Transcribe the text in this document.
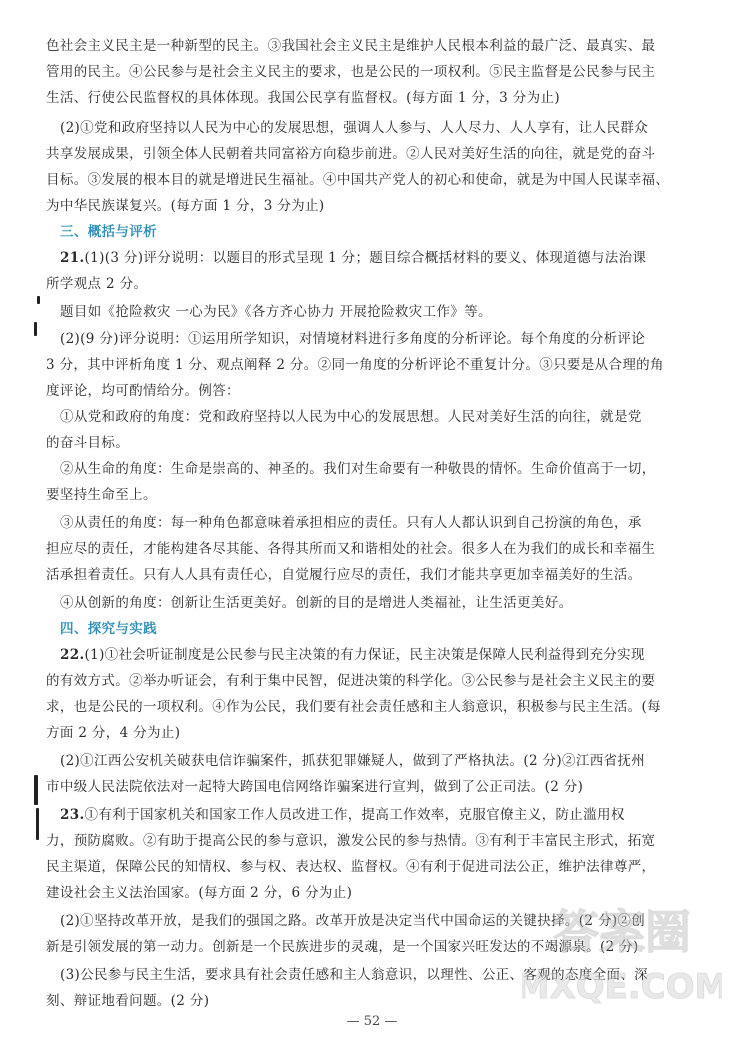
色社会主义民主是一种新型的民主。③我国社会主义民主是维护人民根本利益的最广泛、最真实、最
管用的民主。④公民参与是社会主义民主的要求，也是公民的一项权利。⑤民主监督是公民参与民主
生活、行使公民监督权的具体体现。我国公民享有监督权。(每方面 1 分，3 分为止)
(2)①党和政府坚持以人民为中心的发展思想，强调人人参与、人人尽力、人人享有，让人民群众
共享发展成果，引领全体人民朝着共同富裕方向稳步前进。②人民对美好生活的向往，就是党的奋斗
目标。③发展的根本目的就是增进民生福祉。④中国共产党人的初心和使命，就是为中国人民谋幸福、
为中华民族谋复兴。(每方面 1 分，3 分为止)
三、概括与评析
21.(1)(3 分)评分说明：以题目的形式呈现 1 分；题目综合概括材料的要义、体现道德与法治课
所学观点 2 分。
题目如《抢险救灾 一心为民》《各方齐心协力 开展抢险救灾工作》等。
(2)(9 分)评分说明：①运用所学知识，对情境材料进行多角度的分析评论。每个角度的分析评论
3 分，其中评析角度 1 分、观点阐释 2 分。②同一角度的分析评论不重复计分。③只要是从合理的角
度评论，均可酌情给分。例答：
①从党和政府的角度：党和政府坚持以人民为中心的发展思想。人民对美好生活的向往，就是党
的奋斗目标。
②从生命的角度：生命是崇高的、神圣的。我们对生命要有一种敬畏的情怀。生命价值高于一切，
要坚持生命至上。
③从责任的角度：每一种角色都意味着承担相应的责任。只有人人都认识到自己扮演的角色，承
担应尽的责任，才能构建各尽其能、各得其所而又和谐相处的社会。很多人在为我们的成长和幸福生
活承担着责任。只有人人具有责任心，自觉履行应尽的责任，我们才能共享更加幸福美好的生活。
④从创新的角度：创新让生活更美好。创新的目的是增进人类福祉，让生活更美好。
四、探究与实践
22.(1)①社会听证制度是公民参与民主决策的有力保证，民主决策是保障人民利益得到充分实现
的有效方式。②举办听证会，有利于集中民智，促进决策的科学化。③公民参与是社会主义民主的要
求，也是公民的一项权利。④作为公民，我们要有社会责任感和主人翁意识，积极参与民主生活。(每
方面 2 分，4 分为止)
(2)①江西公安机关破获电信诈骗案件，抓获犯罪嫌疑人，做到了严格执法。(2 分)②江西省抚州
市中级人民法院依法对一起特大跨国电信网络诈骗案进行宣判，做到了公正司法。(2 分)
23.①有利于国家机关和国家工作人员改进工作，提高工作效率，克服官僚主义，防止滥用权
力，预防腐败。②有助于提高公民的参与意识，激发公民的参与热情。③有利于丰富民主形式，拓宽
民主渠道，保障公民的知情权、参与权、表达权、监督权。④有利于促进司法公正，维护法律尊严，
建设社会主义法治国家。(每方面 2 分，6 分为止)
(2)①坚持改革开放，是我们的强国之路。改革开放是决定当代中国命运的关键抉择。(2 分)②创
新是引领发展的第一动力。创新是一个民族进步的灵魂，是一个国家兴旺发达的不竭源泉。(2 分)
(3)公民参与民主生活，要求具有社会责任感和主人翁意识，以理性、公正、客观的态度全面、深
刻、辩证地看问题。(2 分)
— 52 —
答案圈
MXQE.COM
